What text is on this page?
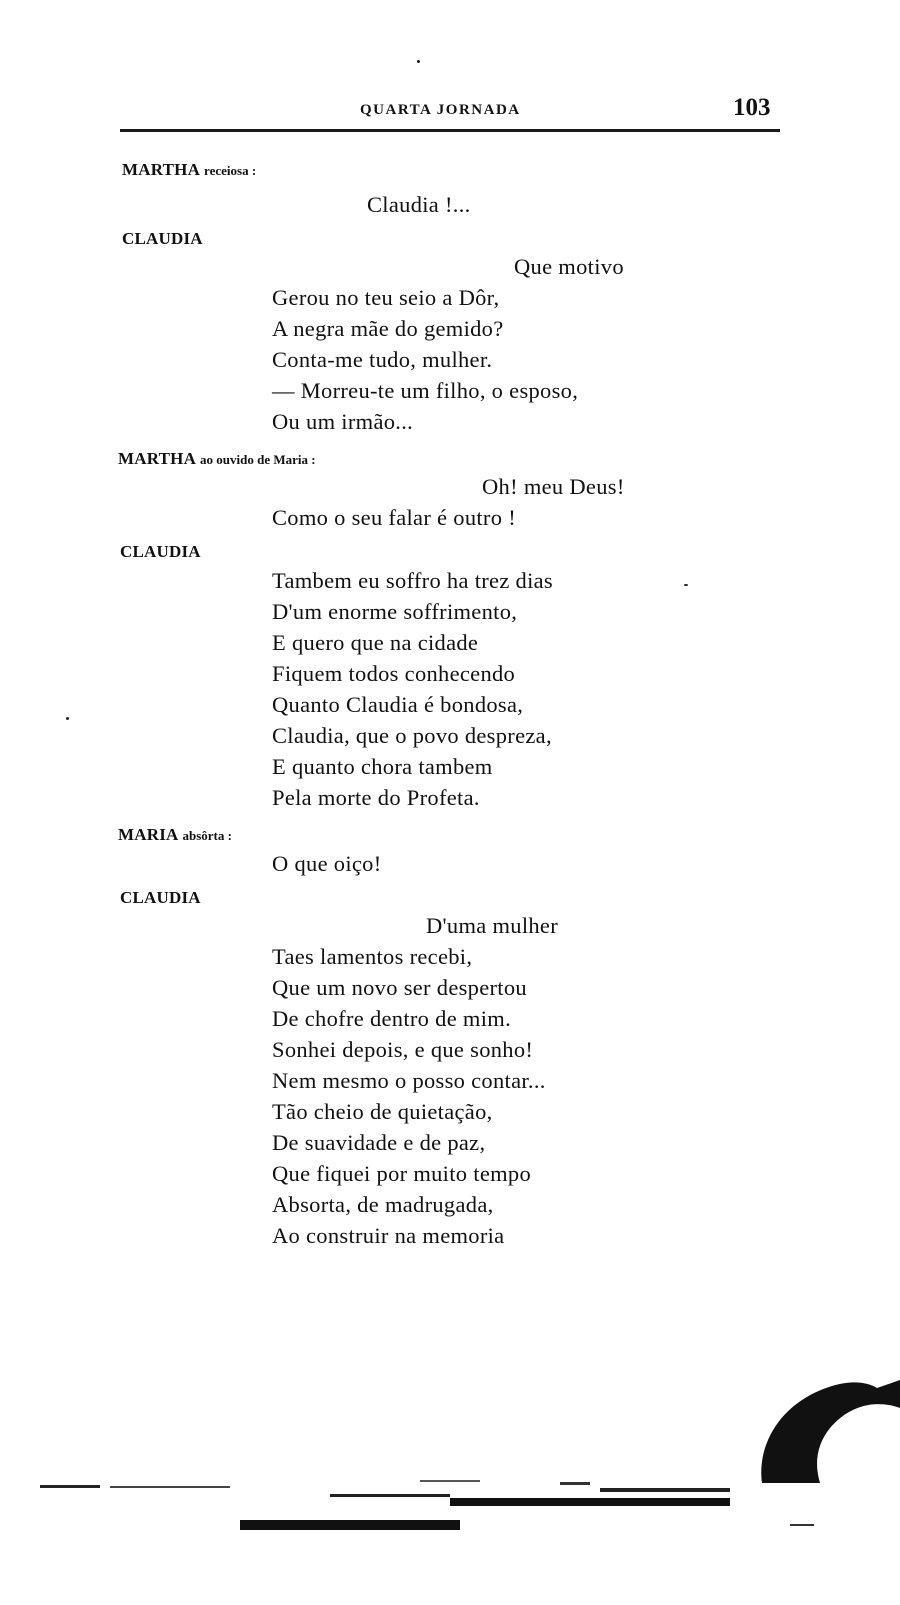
QUARTA JORNADA	103
MARTHA receiosa :
Claudia !...
CLAUDIA
Que motivo
Gerou no teu seio a Dôr,
A negra mãe do gemido?
Conta-me tudo, mulher.
— Morreu-te um filho, o esposo,
Ou um irmão...
MARTHA ao ouvido de Maria :
Oh! meu Deus!
Como o seu falar é outro !
CLAUDIA
Tambem eu soffro ha trez dias
D'um enorme soffrimento,
E quero que na cidade
Fiquem todos conhecendo
Quanto Claudia é bondosa,
Claudia, que o povo despreza,
E quanto chora tambem
Pela morte do Profeta.
MARIA absôrta :
O que oiço!
CLAUDIA
D'uma mulher
Taes lamentos recebi,
Que um novo ser despertou
De chofre dentro de mim.
Sonhei depois, e que sonho!
Nem mesmo o posso contar...
Tão cheio de quietação,
De suavidade e de paz,
Que fiquei por muito tempo
Absorta, de madrugada,
Ao construir na memoria
